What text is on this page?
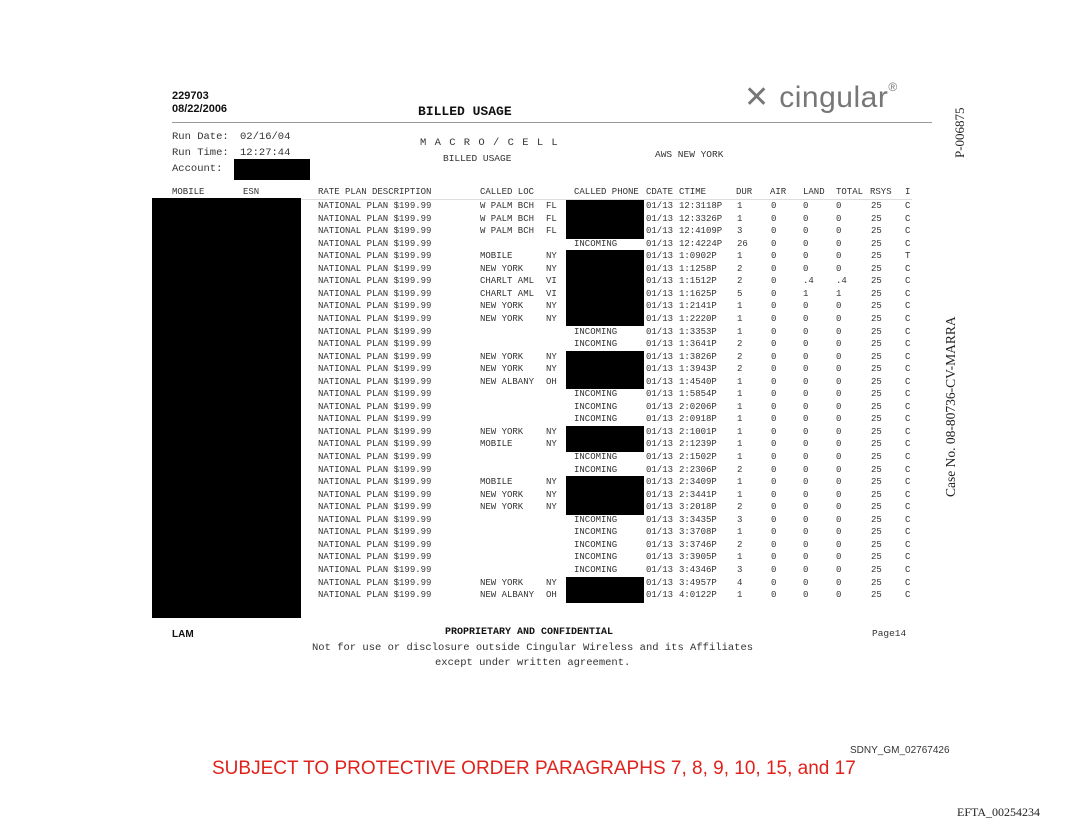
229703
08/22/2006	BILLED USAGE	✕ cingular®
Run Date: 02/16/04
Run Time: 12:27:44
Account:
M A C R O / C E L L
BILLED USAGE	AWS NEW YORK
MOBILE	ESN	RATE PLAN DESCRIPTION	CALLED LOC	CALLED PHONE CDATE CTIME	DUR AIR LAND TOTAL RSYS I
NATIONAL PLAN $199.99	W PALM BCH FL	01/13 12:3118P 1	0	0	0	25	C
NATIONAL PLAN $199.99	W PALM BCH FL	01/13 12:3326P 1	0	0	0	25	C
NATIONAL PLAN $199.99	W PALM BCH FL	01/13 12:4109P 3	0	0	0	25	C
NATIONAL PLAN $199.99	INCOMING	01/13 12:4224P 26	0	0	0	25	C
NATIONAL PLAN $199.99	MOBILE	NY	01/13 1:0902P 1	0	0	0	25	T
NATIONAL PLAN $199.99	NEW YORK	NY	01/13 1:1258P 2	0	0	0	25	C
NATIONAL PLAN $199.99	CHARLT AML VI	01/13 1:1512P 2	0	.4 .4	25	C
NATIONAL PLAN $199.99	CHARLT AML VI	01/13 1:1625P 5	0	1	1	25	C
NATIONAL PLAN $199.99	NEW YORK	NY	01/13 1:2141P 1	0	0	0	25	C
NATIONAL PLAN $199.99	NEW YORK	NY	01/13 1:2220P 1	0	0	0	25	C
NATIONAL PLAN $199.99	INCOMING	01/13 1:3353P 1	0	0	0	25	C
NATIONAL PLAN $199.99	INCOMING	01/13 1:3641P 2	0	0	0	25	C
NATIONAL PLAN $199.99	NEW YORK	NY	01/13 1:3826P 2	0	0	0	25	C
NATIONAL PLAN $199.99	NEW YORK	NY	01/13 1:3943P 2	0	0	0	25	C
NATIONAL PLAN $199.99	NEW ALBANY OH	01/13 1:4540P 1	0	0	0	25	C
NATIONAL PLAN $199.99	INCOMING	01/13 1:5854P 1	0	0	0	25	C
NATIONAL PLAN $199.99	INCOMING	01/13 2:0206P 1	0	0	0	25	C
NATIONAL PLAN $199.99	INCOMING	01/13 2:0918P 1	0	0	0	25	C
NATIONAL PLAN $199.99	NEW YORK	NY	01/13 2:1001P 1	0	0	0	25	C
NATIONAL PLAN $199.99	MOBILE	NY	01/13 2:1239P 1	0	0	0	25	C
NATIONAL PLAN $199.99	INCOMING	01/13 2:1502P 1	0	0	0	25	C
NATIONAL PLAN $199.99	INCOMING	01/13 2:2306P 2	0	0	0	25	C
NATIONAL PLAN $199.99	MOBILE	NY	01/13 2:3409P 1	0	0	0	25	C
NATIONAL PLAN $199.99	NEW YORK	NY	01/13 2:3441P 1	0	0	0	25	C
NATIONAL PLAN $199.99	NEW YORK	NY	01/13 3:2018P 2	0	0	0	25	C
NATIONAL PLAN $199.99	INCOMING	01/13 3:3435P 3	0	0	0	25	C
NATIONAL PLAN $199.99	INCOMING	01/13 3:3708P 1	0	0	0	25	C
NATIONAL PLAN $199.99	INCOMING	01/13 3:3746P 2	0	0	0	25	C
NATIONAL PLAN $199.99	INCOMING	01/13 3:3905P 1	0	0	0	25	C
NATIONAL PLAN $199.99	INCOMING	01/13 3:4346P 3	0	0	0	25	C
NATIONAL PLAN $199.99	NEW YORK	NY	01/13 3:4957P 4	0	0	0	25	C
NATIONAL PLAN $199.99	NEW ALBANY OH	01/13 4:0122P 1	0	0	0	25	C
LAM	PROPRIETARY AND CONFIDENTIAL	Page14
Not for use or disclosure outside Cingular Wireless and its Affiliates
except under written agreement.
SDNY_GM_02767426
SUBJECT TO PROTECTIVE ORDER PARAGRAPHS 7, 8, 9, 10, 15, and 17
EFTA_00254234
P-006875
Case No. 08-80736-CV-MARRA
